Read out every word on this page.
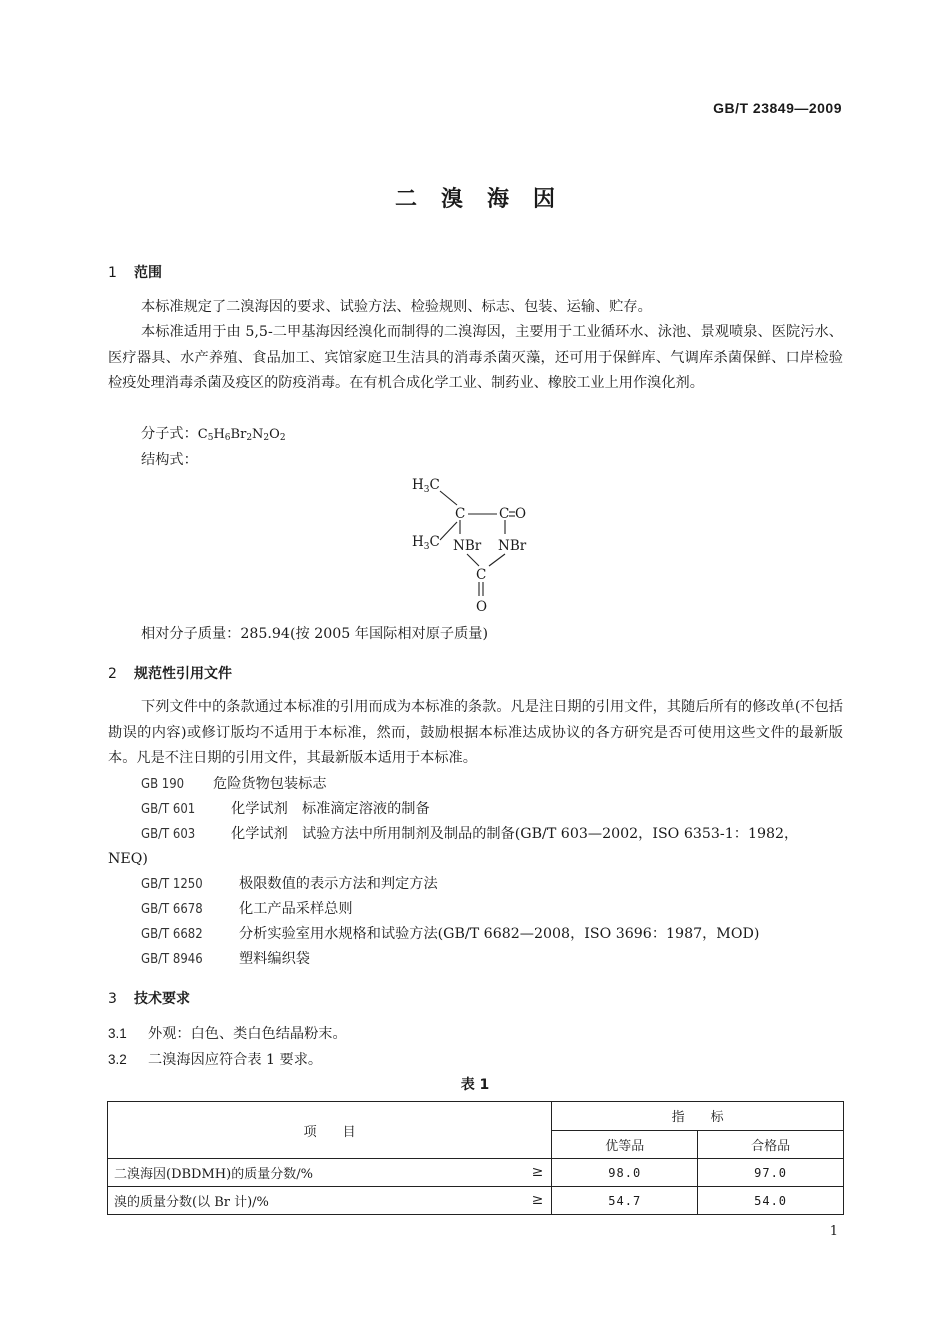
GB/T 23849—2009
二溴海因
1 范围
本标准规定了二溴海因的要求、试验方法、检验规则、标志、包装、运输、贮存。
本标准适用于由 5,5-二甲基海因经溴化而制得的二溴海因，主要用于工业循环水、泳池、景观喷泉、医院污水、医疗器具、水产养殖、食品加工、宾馆家庭卫生洁具的消毒杀菌灭藻，还可用于保鲜库、气调库杀菌保鲜、口岸检验检疫处理消毒杀菌及疫区的防疫消毒。在有机合成化学工业、制药业、橡胶工业上用作溴化剂。
分子式：$C_5H_6Br_2N_2O_2$
结构式：
$H_3C$
C C O
$H_3C$ NBr NBr
C
O
相对分子质量：285.94(按 2005 年国际相对原子质量)
2 规范性引用文件
下列文件中的条款通过本标准的引用而成为本标准的条款。凡是注日期的引用文件，其随后所有的修改单(不包括勘误的内容)或修订版均不适用于本标准，然而，鼓励根据本标准达成协议的各方研究是否可使用这些文件的最新版本。凡是不注日期的引用文件，其最新版本适用于本标准。
GB 190 危险货物包装标志
GB/T 601	化学试剂　标准滴定溶液的制备
GB/T 603	化学试剂　试验方法中所用制剂及制品的制备(GB/T 603—2002，ISO 6353-1：1982，
NEQ)
GB/T 1250	极限数值的表示方法和判定方法
GB/T 6678	化工产品采样总则
GB/T 6682	分析实验室用水规格和试验方法(GB/T 6682—2008，ISO 3696：1987，MOD)
GB/T 8946	塑料编织袋
3 技术要求
3.1 外观：白色、类白色结晶粉末。
3.2 二溴海因应符合表 1 要求。
表 1
项　　目	指　　标	
	优等品	合格品
二溴海因(DBDMH)的质量分数/% ≥	98.0	97.0
溴的质量分数(以 Br 计)/% ≥	54.7	54.0
1
